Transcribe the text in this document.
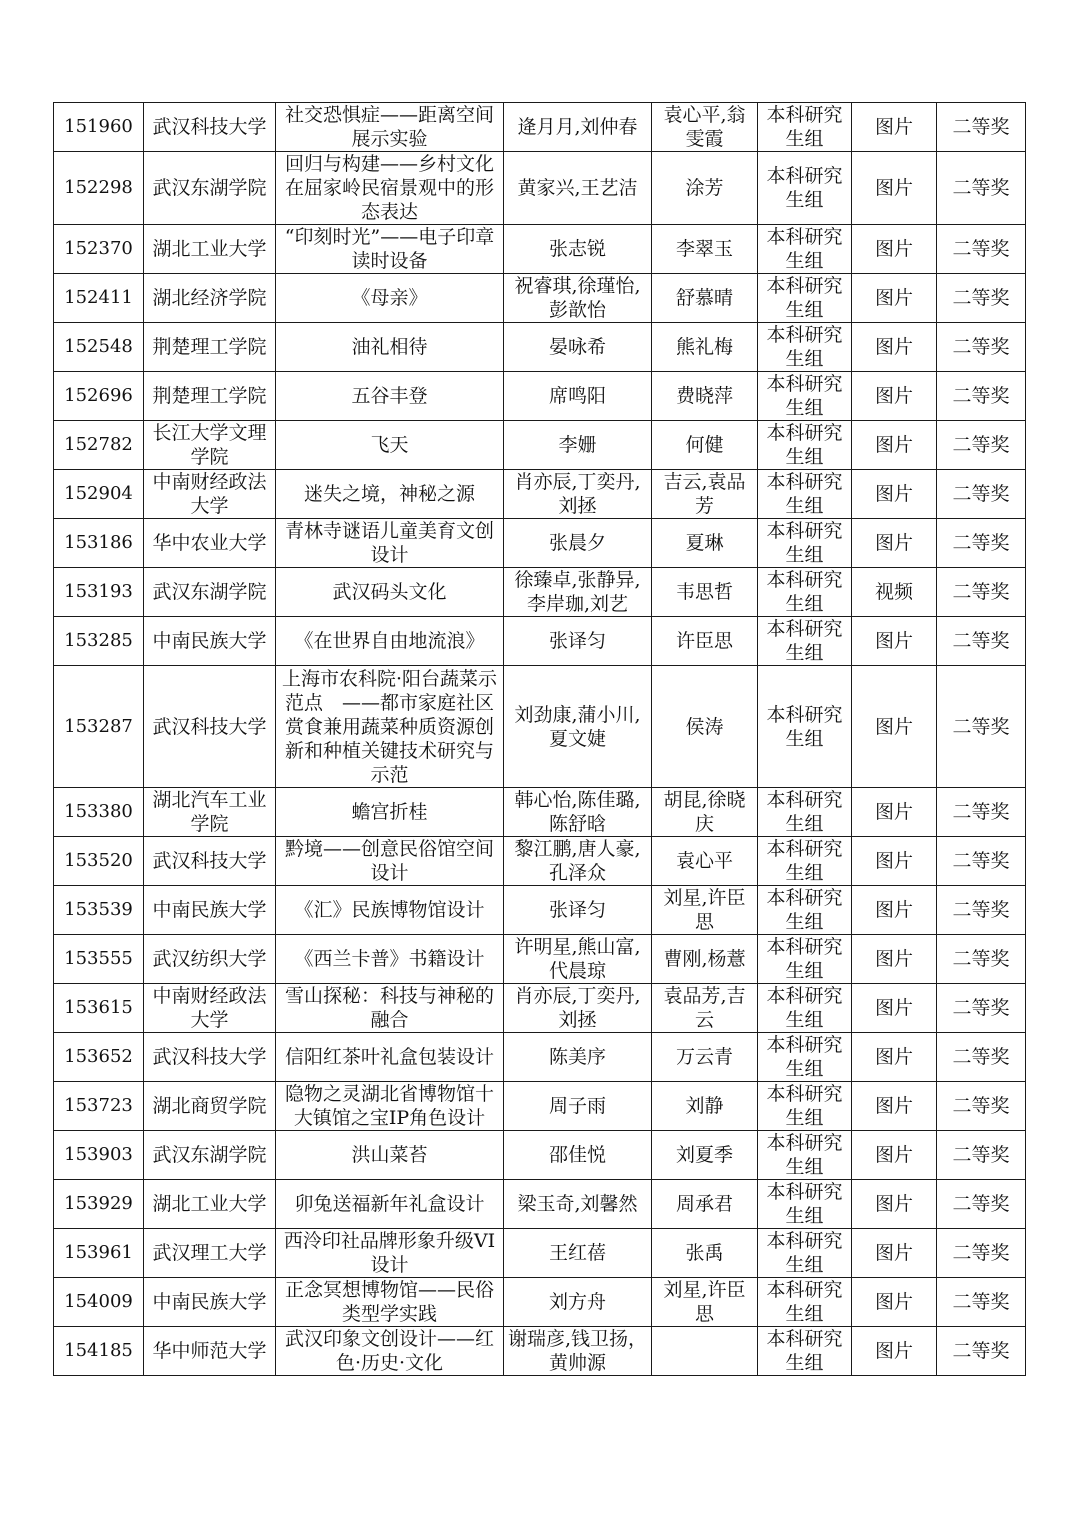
151960	武汉科技大学	社交恐惧症——距离空间展示实验	逄月月,刘仲春	袁心平,翁雯霞	本科研究生组	图片	二等奖
152298	武汉东湖学院	回归与构建——乡村文化在屈家岭民宿景观中的形态表达	黄家兴,王艺洁	涂芳	本科研究生组	图片	二等奖
152370	湖北工业大学	“印刻时光”——电子印章读时设备	张志锐	李翠玉	本科研究生组	图片	二等奖
152411	湖北经济学院	《母亲》	祝睿琪,徐瑾怡,彭歆怡	舒慕晴	本科研究生组	图片	二等奖
152548	荆楚理工学院	油礼相待	晏咏希	熊礼梅	本科研究生组	图片	二等奖
152696	荆楚理工学院	五谷丰登	席鸣阳	费晓萍	本科研究生组	图片	二等奖
152782	长江大学文理学院	飞天	李姗	何健	本科研究生组	图片	二等奖
152904	中南财经政法大学	迷失之境，神秘之源	肖亦辰,丁奕丹,刘拯	吉云,袁品芳	本科研究生组	图片	二等奖
153186	华中农业大学	青林寺谜语儿童美育文创设计	张晨夕	夏琳	本科研究生组	图片	二等奖
153193	武汉东湖学院	武汉码头文化	徐臻卓,张静异,李岸珈,刘艺	韦思哲	本科研究生组	视频	二等奖
153285	中南民族大学	《在世界自由地流浪》	张译匀	许臣思	本科研究生组	图片	二等奖
153287	武汉科技大学	上海市农科院·阳台蔬菜示范点　——都市家庭社区赏食兼用蔬菜种质资源创新和种植关键技术研究与示范	刘劲康,蒲小川,夏文婕	侯涛	本科研究生组	图片	二等奖
153380	湖北汽车工业学院	蟾宫折桂	韩心怡,陈佳璐,陈舒晗	胡昆,徐晓庆	本科研究生组	图片	二等奖
153520	武汉科技大学	黔境——创意民俗馆空间设计	黎江鹏,唐人豪,孔泽众	袁心平	本科研究生组	图片	二等奖
153539	中南民族大学	《汇》民族博物馆设计	张译匀	刘星,许臣思	本科研究生组	图片	二等奖
153555	武汉纺织大学	《西兰卡普》书籍设计	许明星,熊山富,代晨琼	曹刚,杨薏	本科研究生组	图片	二等奖
153615	中南财经政法大学	雪山探秘：科技与神秘的融合	肖亦辰,丁奕丹,刘拯	袁品芳,吉云	本科研究生组	图片	二等奖
153652	武汉科技大学	信阳红茶叶礼盒包装设计	陈美序	万云青	本科研究生组	图片	二等奖
153723	湖北商贸学院	隐物之灵湖北省博物馆十大镇馆之宝IP角色设计	周子雨	刘静	本科研究生组	图片	二等奖
153903	武汉东湖学院	洪山菜苔	邵佳悦	刘夏季	本科研究生组	图片	二等奖
153929	湖北工业大学	卯兔送福新年礼盒设计	梁玉奇,刘馨然	周承君	本科研究生组	图片	二等奖
153961	武汉理工大学	西泠印社品牌形象升级VI设计	王红蓓	张禹	本科研究生组	图片	二等奖
154009	中南民族大学	正念冥想博物馆——民俗类型学实践	刘方舟	刘星,许臣思	本科研究生组	图片	二等奖
154185	华中师范大学	武汉印象文创设计——红色·历史·文化	谢瑞彦,钱卫扬，黄帅源		本科研究生组	图片	二等奖
